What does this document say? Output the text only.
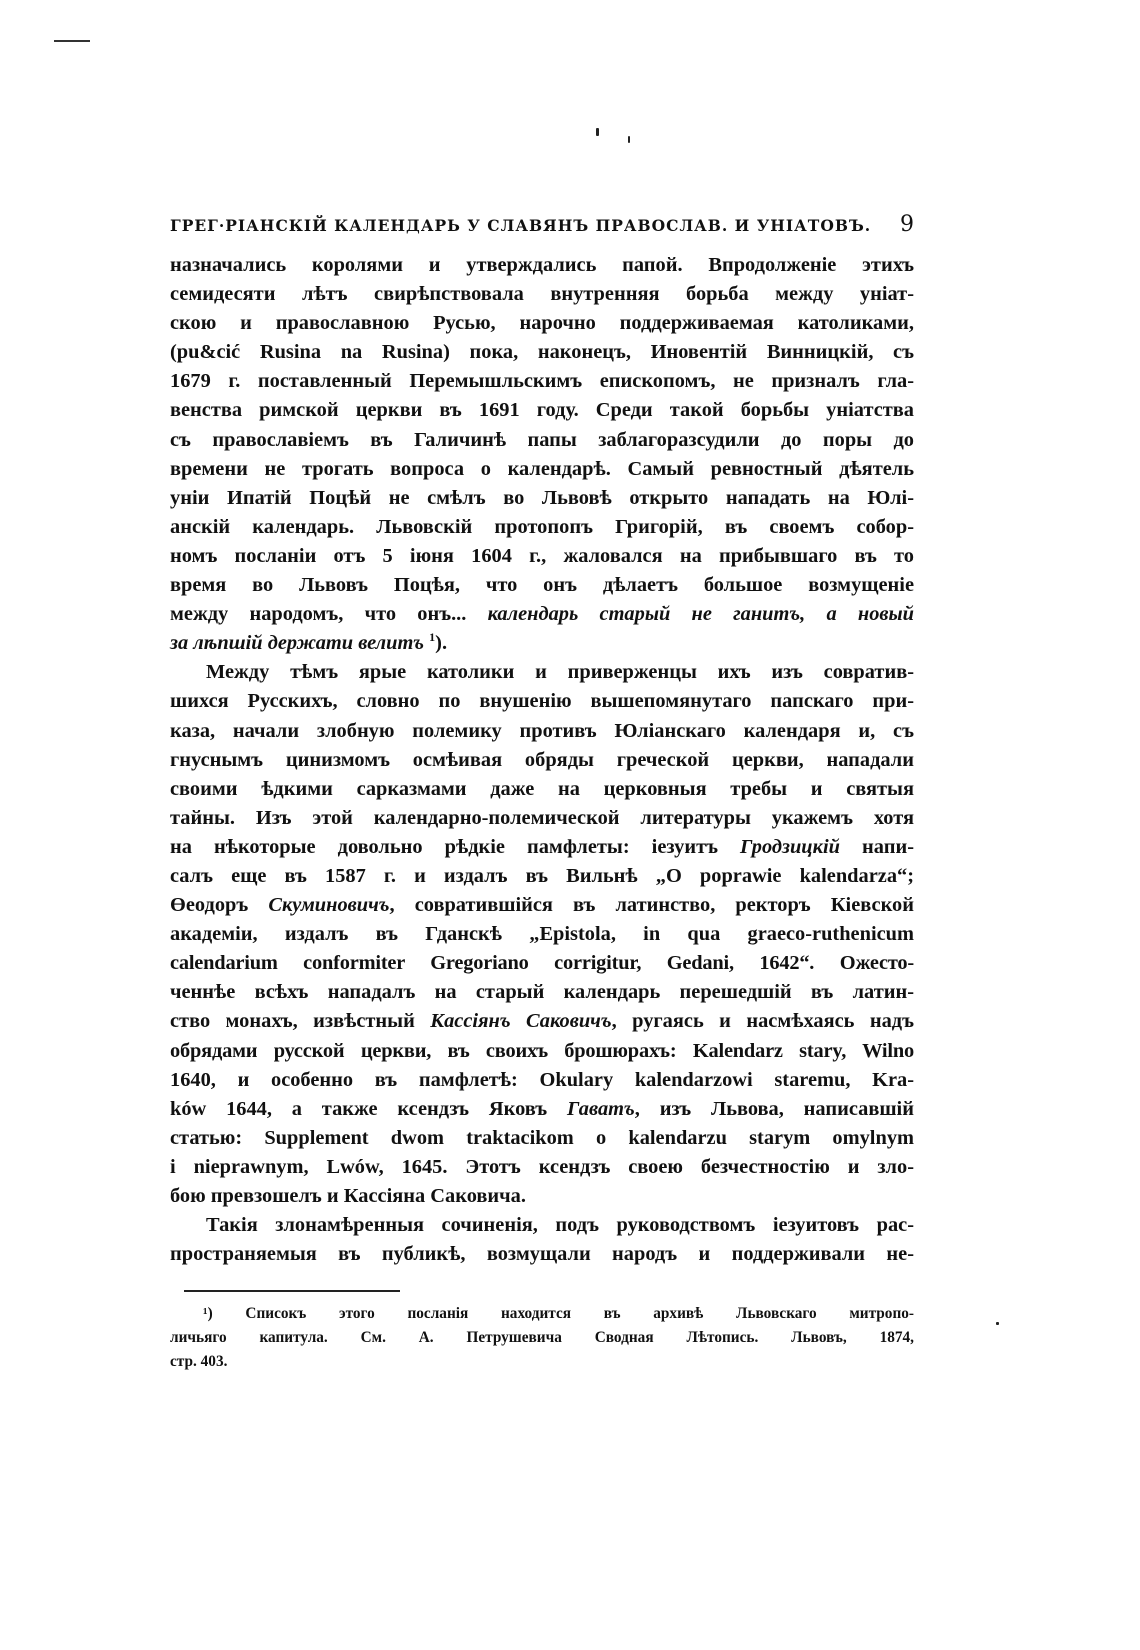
ГРЕГ·РІАНСКІЙ КАЛЕНДАРЬ У СЛАВЯНЪ ПРАВОСЛАВ. И УНІАТОВЪ. 9
назначались королями и утверждались папой. Впродолженіе этихъ
семидесяти лѣтъ свирѣпствовала внутренняя борьба между уніат-
скою и православною Русью, нарочно поддерживаемая католиками,
(pu&cić Rusina na Rusina) пока, наконецъ, Иновентій Винницкій, съ
1679 г. поставленный Перемышльскимъ епископомъ, не призналъ гла-
венства римской церкви въ 1691 году. Среди такой борьбы уніатства
съ православіемъ въ Галичинѣ папы заблагоразсудили до поры до
времени не трогать вопроса о календарѣ. Самый ревностный дѣятель
уніи Ипатій Поцѣй не смѣлъ во Львовѣ открыто нападать на Юлі-
анскій календарь. Львовскій протопопъ Григорій, въ своемъ собор-
номъ посланіи отъ 5 іюня 1604 г., жаловался на прибывшаго въ то
время во Львовъ Поцѣя, что онъ дѣлаетъ большое возмущеніе
между народомъ, что онъ... календарь старый не ганитъ, а новый
за лѣпшій держати велитъ $^1$).
Между тѣмъ ярые католики и приверженцы ихъ изъ совратив-
шихся Русскихъ, словно по внушенію вышепомянутаго папскаго при-
каза, начали злобную полемику противъ Юліанскаго календаря и, съ
гнуснымъ цинизмомъ осмѣивая обряды греческой церкви, нападали
своими ѣдкими сарказмами даже на церковныя требы и святыя
тайны. Изъ этой календарно-полемической литературы укажемъ хотя
на нѣкоторые довольно рѣдкіе памфлеты: іезуитъ Гродзицкій напи-
салъ еще въ 1587 г. и издалъ въ Вильнѣ „O poprawie kalendarza“;
Өеодоръ Скуминовичъ, совратившійся въ латинство, ректоръ Кіевской
академіи, издалъ въ Гданскѣ „Epistola, in qua graeco-ruthenicum
calendarium conformiter Gregoriano corrigitur, Gedani, 1642“. Ожесто-
ченнѣе всѣхъ нападалъ на старый календарь перешедшій въ латин-
ство монахъ, извѣстный Кассіянъ Саковичъ, ругаясь и насмѣхаясь надъ
обрядами русской церкви, въ своихъ брошюрахъ: Kalendarz stary, Wilno
1640, и особенно въ памфлетѣ: Okulary kalendarzowi staremu, Kra-
ków 1644, а также ксендзъ Яковъ Гаватъ, изъ Львова, написавшій
статью: Supplement dwom traktacikom o kalendarzu starym omylnym
i nieprawnym, Lwów, 1645. Этотъ ксендзъ своею безчестностію и зло-
бою превзошелъ и Кассіяна Саковича.
Такія злонамѣренныя сочиненія, подъ руководствомъ іезуитовъ рас-
пространяемыя въ публикѣ, возмущали народъ и поддерживали не-
¹) Списокъ этого посланія находится въ архивѣ Львовскаго митропо-
личьяго капитула. См. А. Петрушевича Сводная Лѣтопись. Львовъ, 1874,
стр. 403.
